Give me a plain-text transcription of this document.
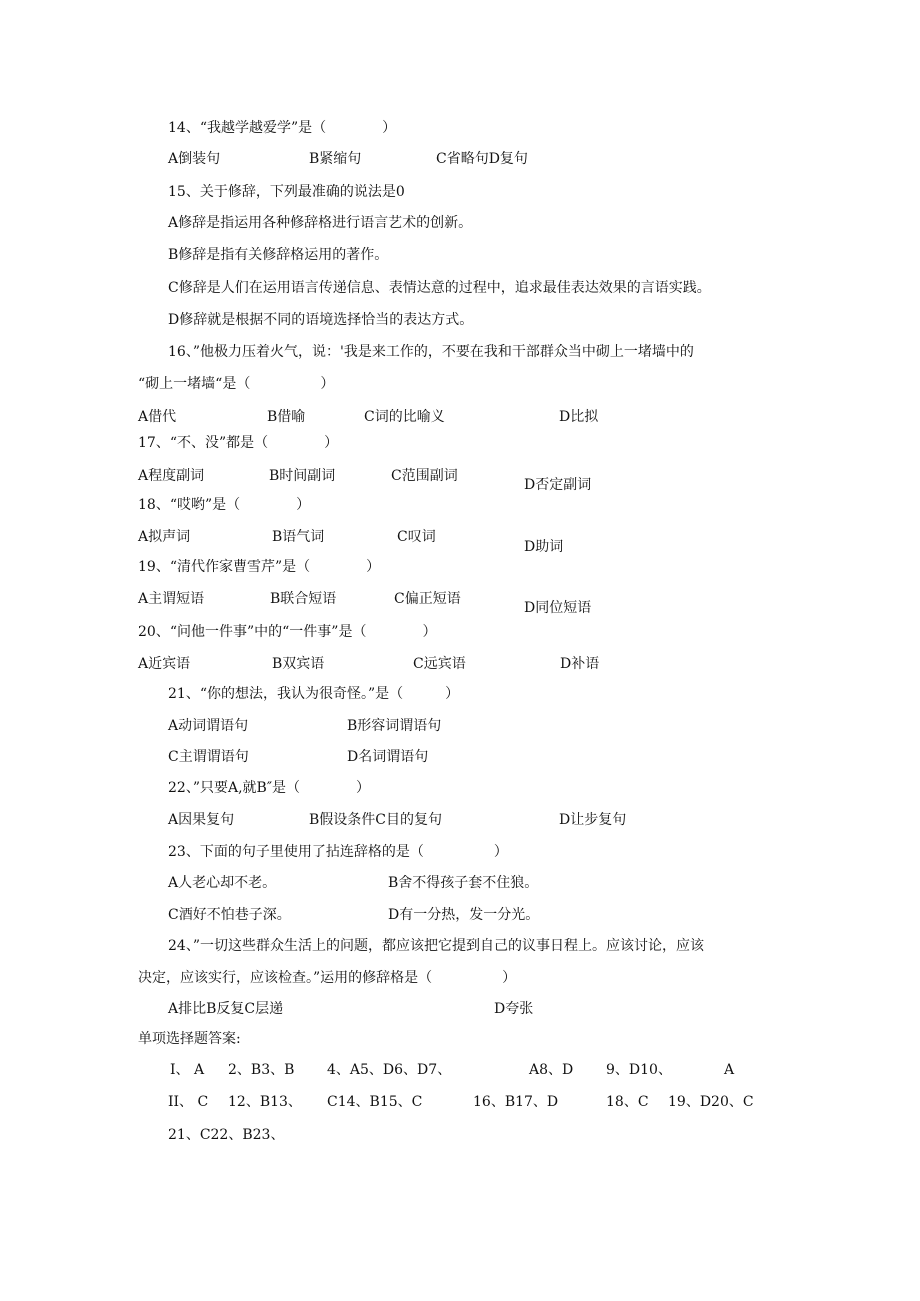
14、“我越学越爱学”是（　　　　）
A倒装句	B紧缩句	C省略句D复句
15、关于修辞，下列最准确的说法是0
A修辞是指运用各种修辞格进行语言艺术的创新。
B修辞是指有关修辞格运用的著作。
C修辞是人们在运用语言传递信息、表情达意的过程中，追求最佳表达效果的言语实践。
D修辞就是根据不同的语境选择恰当的表达方式。
16、”他极力压着火气，说：'我是来工作的，不要在我和干部群众当中砌上一堵墙中的
“砌上一堵墙“是（　　　　　）
A借代	B借喻	C词的比喻义	D比拟
17、“不、没”都是（　　　　）
A程度副词	B时间副词	C范围副词
D否定副词
18、“哎哟”是（　　　　）
A拟声词	B语气词	C叹词
D助词
19、“清代作家曹雪芹”是（　　　　）
A主谓短语	B联合短语	C偏正短语
D同位短语
20、“问他一件事”中的“一件事”是（　　　　）
A近宾语	B双宾语	C远宾语	D补语
21、“你的想法，我认为很奇怪。”是（　　　）
A动词谓语句	B形容词谓语句
C主谓谓语句	D名词谓语句
22、”只要A,就B″是（　　　　）
A因果复句	B假设条件C目的复句	D让步复句
23、下面的句子里使用了拈连辞格的是（　　　　　）
A人老心却不老。	B舍不得孩子套不住狼。
C酒好不怕巷子深。	D有一分热，发一分光。
24、”一切这些群众生活上的问题，都应该把它提到自己的议事日程上。应该讨论，应该
决定，应该实行，应该检查。”运用的修辞格是（　　　　　）
A排比B反复C层递	D夸张
单项选择题答案:
I、 A 2、B3、B 4、A5、D6、D7、	A8、D 9、D10、	A
II、 C 12、B13、 C14、B15、C	16、B17、D	18、C 19、D20、C
21、C22、B23、
